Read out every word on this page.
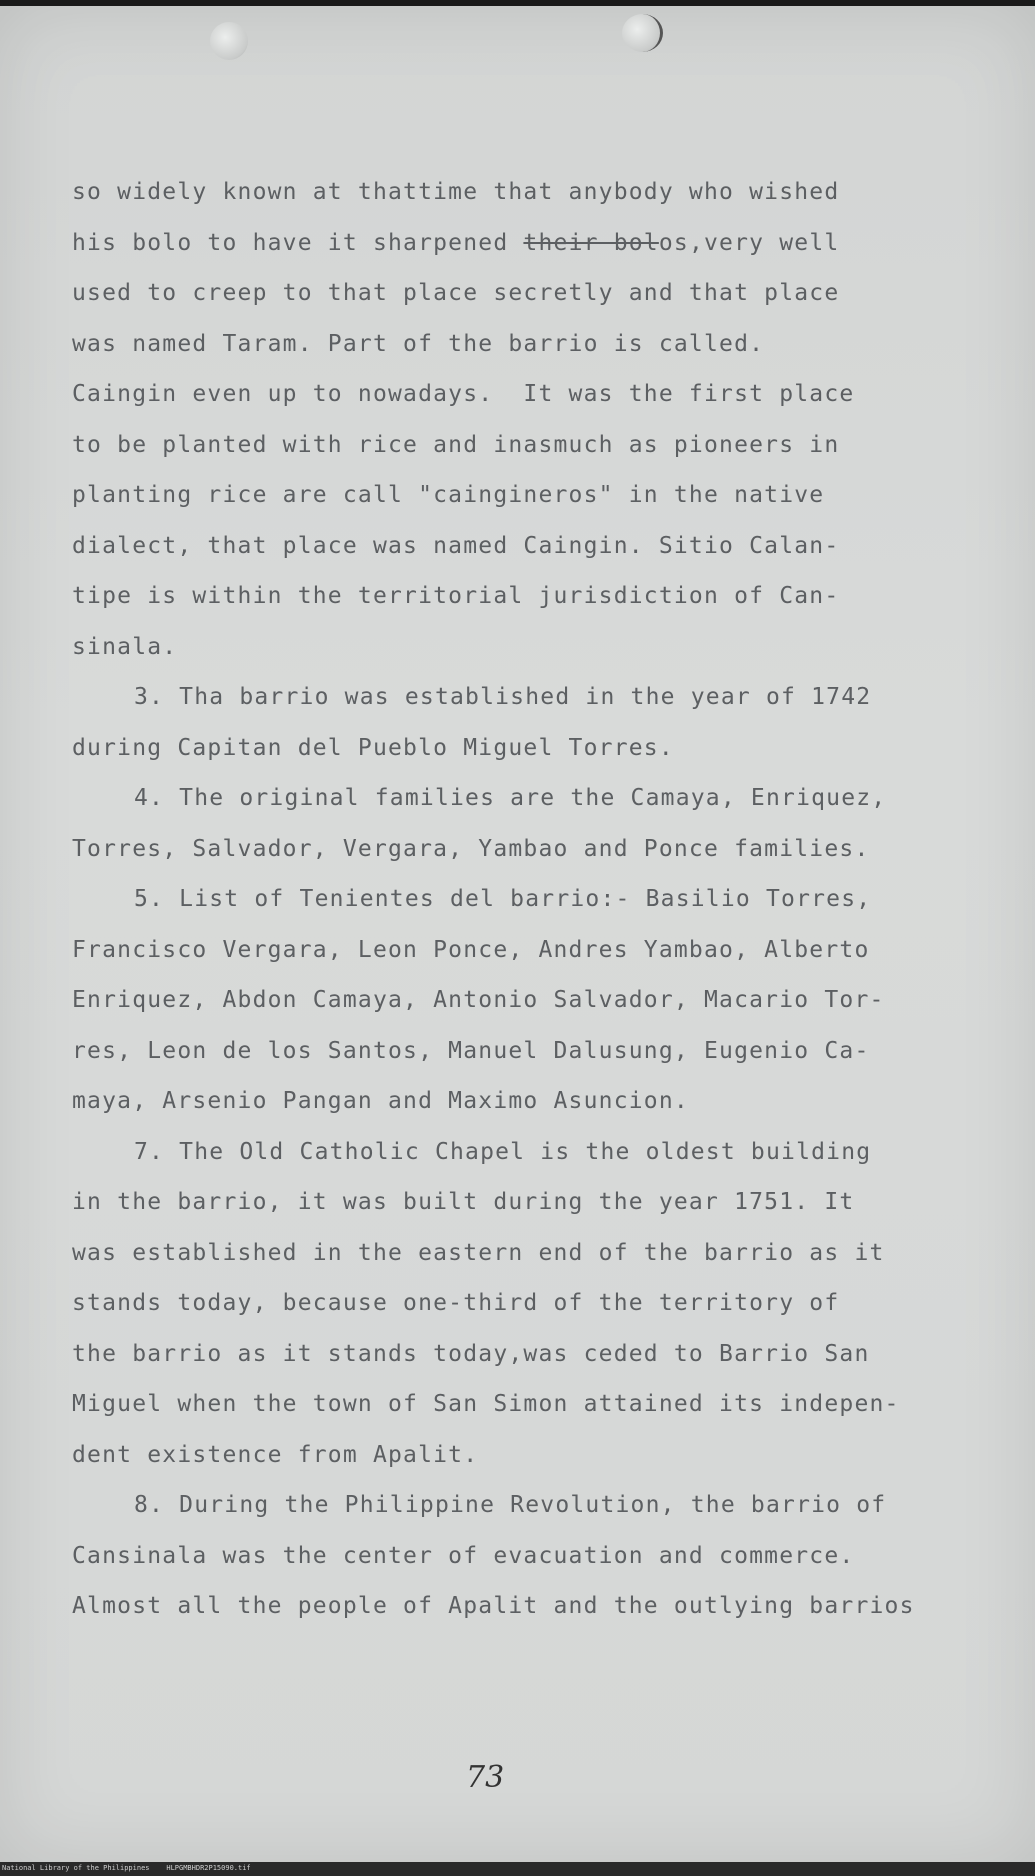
so widely known at thattime that anybody who wished
his bolo to have it sharpened their bolos,very well
used to creep to that place secretly and that place
was named Taram. Part of the barrio is called.
Caingin even up to nowadays.  It was the first place
to be planted with rice and inasmuch as pioneers in
planting rice are call "caingineros" in the native
dialect, that place was named Caingin. Sitio Calan-
tipe is within the territorial jurisdiction of Can-
sinala.
3. Tha barrio was established in the year of 1742
during Capitan del Pueblo Miguel Torres.
4. The original families are the Camaya, Enriquez,
Torres, Salvador, Vergara, Yambao and Ponce families.
5. List of Tenientes del barrio:- Basilio Torres,
Francisco Vergara, Leon Ponce, Andres Yambao, Alberto
Enriquez, Abdon Camaya, Antonio Salvador, Macario Tor-
res, Leon de los Santos, Manuel Dalusung, Eugenio Ca-
maya, Arsenio Pangan and Maximo Asuncion.
7. The Old Catholic Chapel is the oldest building
in the barrio, it was built during the year 1751. It
was established in the eastern end of the barrio as it
stands today, because one-third of the territory of
the barrio as it stands today,was ceded to Barrio San
Miguel when the town of San Simon attained its indepen-
dent existence from Apalit.
8. During the Philippine Revolution, the barrio of
Cansinala was the center of evacuation and commerce.
Almost all the people of Apalit and the outlying barrios
73
National Library of the Philippines    HLPGMBHDR2P15090.tif
